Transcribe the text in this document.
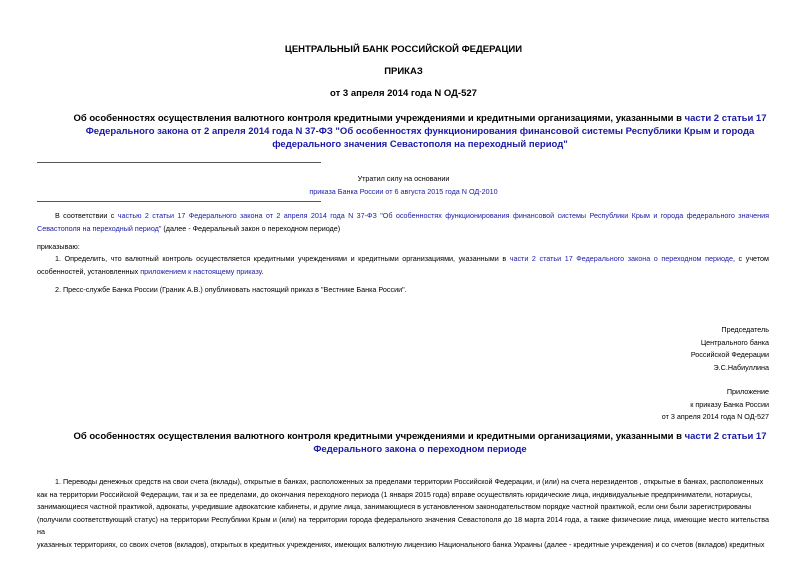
ЦЕНТРАЛЬНЫЙ БАНК РОССИЙСКОЙ ФЕДЕРАЦИИ
ПРИКАЗ
от 3 апреля 2014 года N ОД-527
Об особенностях осуществления валютного контроля кредитными учреждениями и кредитными организациями, указанными в части 2 статьи 17 Федерального закона от 2 апреля 2014 года N 37-ФЗ "Об особенностях функционирования финансовой системы Республики Крым и города федерального значения Севастополя на переходный период"
Утратил силу на основании
приказа Банка России от 6 августа 2015 года N ОД-2010
В соответствии с частью 2 статьи 17 Федерального закона от 2 апреля 2014 года N 37-ФЗ "Об особенностях функционирования финансовой системы Республики Крым и города федерального значения Севастополя на переходный период" (далее - Федеральный закон о переходном периоде)
приказываю:
1. Определить, что валютный контроль осуществляется кредитными учреждениями и кредитными организациями, указанными в части 2 статьи 17 Федерального закона о переходном периоде, с учетом особенностей, установленных приложением к настоящему приказу.
2. Пресс-службе Банка России (Граник А.В.) опубликовать настоящий приказ в "Вестнике Банка России".
Председатель
Центрального банка
Российской Федерации
Э.С.Набиуллина
Приложение
к приказу Банка России
от 3 апреля 2014 года N ОД-527
Об особенностях осуществления валютного контроля кредитными учреждениями и кредитными организациями, указанными в части 2 статьи 17 Федерального закона о переходном периоде
1. Переводы денежных средств на свои счета (вклады), открытые в банках, расположенных за пределами территории Российской Федерации, и (или) на счета нерезидентов , открытые в банках, расположенных
как на территории Российской Федерации, так и за ее пределами, до окончания переходного периода (1 января 2015 года) вправе осуществлять юридические лица, индивидуальные предприниматели, нотариусы,
занимающиеся частной практикой, адвокаты, учредившие адвокатские кабинеты, и другие лица, занимающиеся в установленном законодательством порядке частной практикой, если они были зарегистрированы
(получили соответствующий статус) на территории Республики Крым и (или) на территории города федерального значения Севастополя до 18 марта 2014 года, а также физические лица, имеющие место жительства на
указанных территориях, со своих счетов (вкладов), открытых в кредитных учреждениях, имеющих валютную лицензию Национального банка Украины (далее - кредитные учреждения) и со счетов (вкладов) кредитных
